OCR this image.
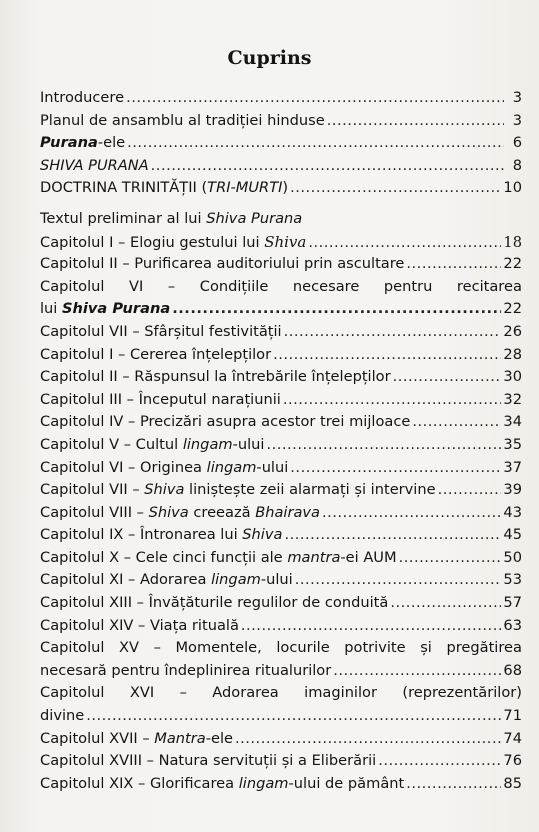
Cuprins
Introducere .....	3
Planul de ansamblu al tradiției hinduse .....	3
Purana-ele .....	6
SHIVA PURANA .....	8
DOCTRINA TRINITĂȚII (TRI-MURTI) .....	10
Textul preliminar al lui Shiva Purana
Capitolul I – Elogiu gestului lui Shiva .....	18
Capitolul II – Purificarea auditoriului prin ascultare .....	22
Capitolul VI – Condițiile necesare pentru recitarea
lui Shiva Purana .....	22
Capitolul VII – Sfârșitul festivității .....	26
Capitolul I – Cererea înțelepților .....	28
Capitolul II – Răspunsul la întrebările înțelepților .....	30
Capitolul III – Începutul narațiunii .....	32
Capitolul IV – Precizări asupra acestor trei mijloace .....	34
Capitolul V – Cultul lingam-ului .....	35
Capitolul VI – Originea lingam-ului .....	37
Capitolul VII – Shiva liniștește zeii alarmați și intervine .....	39
Capitolul VIII – Shiva creează Bhairava .....	43
Capitolul IX – Întronarea lui Shiva .....	45
Capitolul X – Cele cinci funcții ale mantra-ei AUM .....	50
Capitolul XI – Adorarea lingam-ului .....	53
Capitolul XIII – Învățăturile regulilor de conduită .....	57
Capitolul XIV – Viața rituală .....	63
Capitolul XV – Momentele, locurile potrivite și pregătirea
necesară pentru îndeplinirea ritualurilor .....	68
Capitolul XVI – Adorarea imaginilor (reprezentărilor)
divine .....	71
Capitolul XVII – Mantra-ele .....	74
Capitolul XVIII – Natura servituții și a Eliberării .....	76
Capitolul XIX – Glorificarea lingam-ului de pământ .....	85
